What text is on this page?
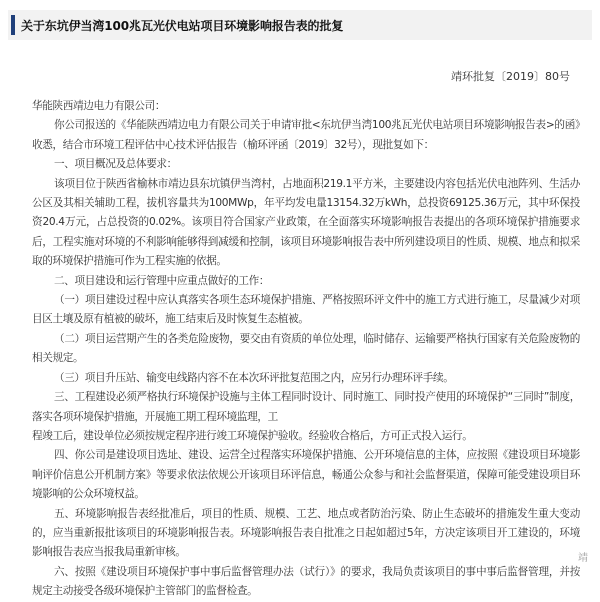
关于东坑伊当湾100兆瓦光伏电站项目环境影响报告表的批复
靖环批复〔2019〕80号

华能陕西靖边电力有限公司：

你公司报送的《华能陕西靖边电力有限公司关于申请审批<东坑伊当湾100兆瓦光伏电站项目环境影响报告表>的函》收悉，结合市环境工程评估中心技术评估报告（榆环评函〔2019〕32号），现批复如下：

一、项目概况及总体要求：

该项目位于陕西省榆林市靖边县东坑镇伊当湾村，占地面积219.1平方米，主要建设内容包括光伏电池阵列、生活办公区及其相关辅助工程，拔机容量共为100MWp，年平均发电量13154.32万kWh，总投资69125.36万元，其中环保投资20.4万元，占总投资的0.02%。该项目符合国家产业政策，在全面落实环境影响报告表提出的各项环境保护措施要求后，工程实施对环境的不利影响能够得到减缓和控制，该项目环境影响报告表中所列建设项目的性质、规模、地点和拟采取的环境保护措施可作为工程实施的依据。

二、项目建设和运行管理中应重点做好的工作：

（一）项目建设过程中应认真落实各项生态环境保护措施、严格按照环评文件中的施工方式进行施工，尽量减少对项目区土壤及原有植被的破坏，施工结束后及时恢复生态植被。

（二）项目运营期产生的各类危险废物，要交由有资质的单位处理，临时储存、运输要严格执行国家有关危险废物的相关规定。

（三）项目升压站、输变电线路内容不在本次环评批复范围之内，应另行办理环评手续。

三、工程建设必须严格执行环境保护设施与主体工程同时设计、同时施工、同时投产使用的环境保护“三同时”制度，落实各项环境保护措施，开展施工期工程环境监理，工

程竣工后，建设单位必须按规定程序进行竣工环境保护验收。经验收合格后，方可正式投入运行。

四、你公司是建设项目选址、建设、运营全过程落实环境保护措施、公开环境信息的主体，应按照《建设项目环境影响评价信息公开机制方案》等要求依法依规公开该项目环评信息，畅通公众参与和社会监督渠道，保障可能受建设项目环境影响的公众环境权益。

五、环境影响报告表经批准后，项目的性质、规模、工艺、地点或者防治污染、防止生态破坏的措施发生重大变动的，应当重新报批该项目的环境影响报告表。环境影响报告表自批准之日起如超过5年，方决定该项目开工建设的，环境影响报告表应当报我局重新审核。

六、按照《建设项目环境保护事中事后监督管理办法（试行）》的要求，我局负责该项目的事中事后监督管理，并按规定主动接受各级环境保护主管部门的监督检查。

靖
